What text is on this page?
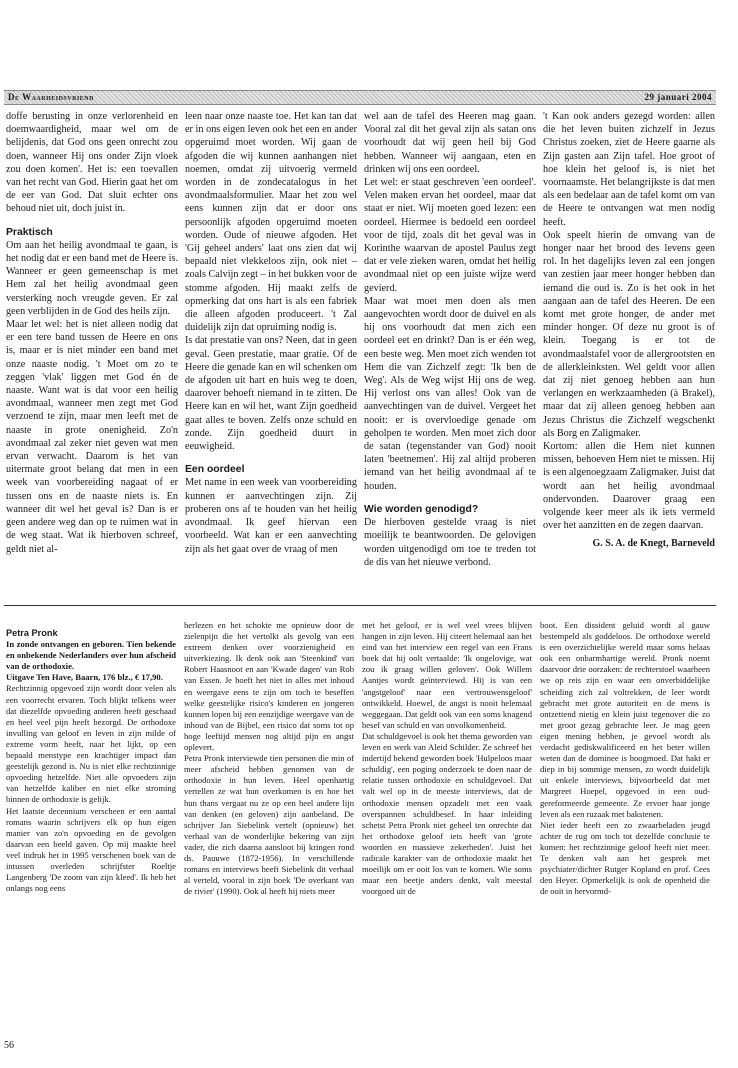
De Waarheidsvriend	29 januari 2004

doffe berusting in onze verlorenheid en doemwaardigheid, maar wel om de belijdenis, dat God ons geen onrecht zou doen, wanneer Hij ons onder Zijn vloek zou doen komen'. Het is: een toevallen van het recht van God. Hierin gaat het om de eer van God. Dat sluit echter ons behoud niet uit, doch juist in.

Praktisch

Om aan het heilig avondmaal te gaan, is het nodig dat er een band met de Heere is. Wanneer er geen gemeenschap is met Hem zal het heilig avondmaal geen versterking noch vreugde geven. Er zal geen verblijden in de God des heils zijn.

Maar let wel: het is niet alleen nodig dat er een tere band tussen de Heere en ons is, maar er is niet minder een band met onze naaste nodig. 't Moet om zo te zeggen 'vlak' liggen met God én de naaste. Want wat is dat voor een heilig avondmaal, wanneer men zegt met God verzoend te zijn, maar men leeft met de naaste in grote onenigheid. Zo'n avondmaal zal zeker niet geven wat men ervan verwacht. Daarom is het van uitermate groot belang dat men in een week van voorbereiding nagaat of er tussen ons en de naaste niets is. En wanneer dit wel het geval is? Dan is er geen andere weg dan op te ruimen wat in de weg staat. Wat ik hierboven schreef, geldt niet al-

leen naar onze naaste toe. Het kan tan dat er in ons eigen leven ook het een en ander opgeruimd moet worden. Wij gaan de afgoden die wij kunnen aanhangen niet noemen, omdat zij uitvoerig vermeld worden in de zondecatalogus in het avondmaalsformulier. Maar het zou wel eens kunnen zijn dat er door ons persoonlijk afgoden opgeruimd moeten worden. Oude of nieuwe afgoden. Het 'Gij geheel anders' laat ons zien dat wij bepaald niet vlekkeloos zijn, ook niet – zoals Calvijn zegt – in het bukken voor de stomme afgoden. Hij maakt zelfs de opmerking dat ons hart is als een fabriek die alleen afgoden produceert. 't Zal duidelijk zijn dat opruiming nodig is.

Is dat prestatie van ons? Neen, dat in geen geval. Geen prestatie, maar gratie. Of de Heere die genade kan en wil schenken om de afgoden uit hart en huis weg te doen, daarover behoeft niemand in te zitten. De Heere kan en wil het, want Zijn goedheid gaat alles te boven. Zelfs onze schuld en zonde. Zijn goedheid duurt in eeuwigheid.

Een oordeel

Met name in een week van voorbereiding kunnen er aanvechtingen zijn. Zij proberen ons af te houden van het heilig avondmaal. Ik geef hiervan een voorbeeld. Wat kan er een aanvechting zijn als het gaat over de vraag of men

wel aan de tafel des Heeren mag gaan. Vooral zal dit het geval zijn als satan ons voorhoudt dat wij geen heil bij God hebben. Wanneer wij aangaan, eten en drinken wij ons een oordeel.

Let wel: er staat geschreven 'een oordeel'. Velen maken ervan het oordeel, maar dat staat er niet. Wij moeten goed lezen: een oordeel. Hiermee is bedoeld een oordeel voor de tijd, zoals dit het geval was in Korinthe waarvan de apostel Paulus zegt dat er vele zieken waren, omdat het heilig avondmaal niet op een juiste wijze werd gevierd.

Maar wat moet men doen als men aangevochten wordt door de duivel en als hij ons voorhoudt dat men zich een oordeel eet en drinkt? Dan is er één weg, een beste weg. Men moet zich wenden tot Hem die van Zichzelf zegt: 'Ik ben de Weg'. Als de Weg wijst Hij ons de weg. Hij verlost ons van alles! Ook van de aanvechtingen van de duivel. Vergeet het nooit: er is overvloedige genade om geholpen te worden. Men moet zich door de satan (tegenstander van God) nooit laten 'beetnemen'. Hij zal altijd proberen iemand van het heilig avondmaal af te houden.

Wie worden genodigd?

De hierboven gestelde vraag is niet moeilijk te beantwoorden. De gelovigen worden uitgenodigd om toe te treden tot de dis van het nieuwe verbond.

't Kan ook anders gezegd worden: allen die het leven buiten zichzelf in Jezus Christus zoeken, ziet de Heere gaarne als Zijn gasten aan Zijn tafel. Hoe groot of hoe klein het geloof is, is niet het voornaamste. Het belangrijkste is dat men als een bedelaar aan de tafel komt om van de Heere te ontvangen wat men nodig heeft.

Ook speelt hierin de omvang van de honger naar het brood des levens geen rol. In het dagelijks leven zal een jongen van zestien jaar meer honger hebben dan iemand die oud is. Zo is het ook in het aangaan aan de tafel des Heeren. De een komt met grote honger, de ander met minder honger. Of deze nu groot is of klein. Toegang is er tot de avondmaalstafel voor de allergrootsten en de allerkleinksten. Wel geldt voor allen dat zij niet genoeg hebben aan hun verlangen en werkzaamheden (à Brakel), maar dat zij alleen genoeg hebben aan Jezus Christus die Zichzelf wegschenkt als Borg en Zaligmaker.

Kortom: allen die Hem niet kunnen missen, behoeven Hem niet te missen. Hij is een algenoegzaam Zaligmaker. Juist dat wordt aan het heilig avondmaal ondervonden. Daarover graag een volgende keer meer als ik iets vermeld over het aanzitten en de zegen daarvan.

G. S. A. de Knegt, Barneveld

Petra Pronk

In zonde ontvangen en geboren. Tien bekende en onbekende Nederlanders over hun afscheid van de orthodoxie.

Uitgave Ten Have, Baarn, 176 blz., € 17,90.

Rechtzinnig opgevoed zijn wordt door velen als een voorrecht ervaren. Toch blijkt telkens weer dat diezelfde opvoeding anderen heeft geschaad en heel veel pijn heeft bezorgd. De orthodoxe invulling van geloof en leven in zijn milde of extreme vorm heeft, naar het lijkt, op een bepaald menstype een krachtiger impact dan geestelijk gezond is. Nu is niet elke rechtzinnige opvoeding hetzelfde. Niet alle opvoeders zijn van hetzelfde kaliber en niet elke stroming binnen de orthodoxie is gelijk.

Het laatste decennium verscheen er een aantal romans waarin schrijvers elk op hun eigen manier van zo'n opvoeding en de gevolgen daarvan een beeld gaven. Op mij maakte heel veel indruk het in 1995 verschenen boek van de intussen overleden schrijfster Roeltje Langenberg 'De zoom van zijn kleed'. Ik heb het onlangs nog eens

herlezen en het schokte me opnieuw door de zielenpijn die het vertolkt als gevolg van een extreem denken over voorzienigheid en uitverkiezing. Ik denk ook aan 'Steenkind' van Robert Haasnoot en aan 'Kwade dagen' van Rob van Essen. Je hoeft het niet in alles met inhoud en weergave eens te zijn om toch te beseffen welke geestelijke risico's kinderen en jongeren kunnen lopen bij een eenzijdige weergave van de inhoud van de Bijbel, een risico dat soms tot op hoge leeftijd mensen nog altijd pijn en angst oplevert.

Petra Pronk interviewde tien personen die min of meer afscheid hebben genomen van de orthodoxie in hun leven. Heel openhartig vertellen ze wat hun overkomen is en hoe het hun thans vergaat nu ze op een heel andere lijn van denken (en geloven) zijn aanbeland. De schrijver Jan Siebelink vertelt (opnieuw) het verhaal van de wonderlijke bekering van zijn vader, die zich daarna aansloot bij kringen rond ds. Pauuwe (1872-1956). In verschillende romans en interviews heeft Siebelink dit verhaal al verteld, vooral in zijn boek 'De overkant van de rivier' (1990). Ook al heeft hij niets meer

met het geloof, er is wel veel vrees blijven hangen in zijn leven. Hij citeert helemaal aan het eind van het interview een regel van een Frans boek dat hij oolt vertaalde: 'Ik ongelovige, wat zou ik graag willen geloven'. Ook Willem Aantjes wordt geïnterviewd. Hij is van een 'angstgeloof' naar een vertrouwensgeloof' ontwikkeld. Hoewel, de angst is nooit helemaal weggegaan. Dat geldt ook van een soms knagend besef van schuld en van onvolkomenheid.

Dat schuldgevoel is ook het thema geworden van leven en werk van Aleid Schilder. Ze schreef het indertijd bekend geworden boek 'Hulpeloos maar schuldig', een poging onderzoek te doen naar de relatie tussen orthodoxie en schuldgevoel. Dat valt wel op in de meeste interviews, dat de orthodoxie mensen opzadelt met een vaak overspannen schuldbesef. In haar inleiding schetst Petra Pronk niet geheel ten onrechte dat het orthodoxe geloof iets heeft van 'grote woorden en massieve zekerheden'. Juist het radicale karakter van de orthodoxie maakt het moeilijk om er ooit los van te komen. Wie soms maar een beetje anders denkt, valt meestal voorgoed uit de

boot. Een dissident geluid wordt al gauw bestempeld als goddeloos. De orthodoxe wereld is een overzichtelijke wereld maar soms helaas ook een onbarmhartige wereld. Pronk noemt daarvoor drie oorzaken: de rechterstoel waarheen we op reis zijn en waar een onverbiddelijke scheiding zich zal voltrekken, de leer wordt gebracht met grote autoriteit en de mens is ontzettend nietig en klein juist tegenover die zo met groot gezag gebrachte leer. Je mag geen eigen mening hebben, je gevoel wordt als verdacht gediskwalificeerd en het beter willen weten dan de dominee is hoogmoed. Dat hakt er diep in bij sommige mensen, zo wordt duidelijk uit enkele interviews, bijvoorbeeld dat met Margreet Hoepel, opgevoed in een oud-gereformeerde gemeente. Ze ervoer haar jonge leven als een ruzaak met bakstenen.

Niet ieder heeft een zo zwaarbeladen jeugd achter de rug om toch tot dezelfde conclusie te komen: het rechtzinnige geloof heeft niet meer. Te denken valt aan het gesprek met psychiater/dichter Rutger Kopland en prof. Cees den Heyer. Opmerkelijk is ook de openheid die de ooit in hervormd-

56
